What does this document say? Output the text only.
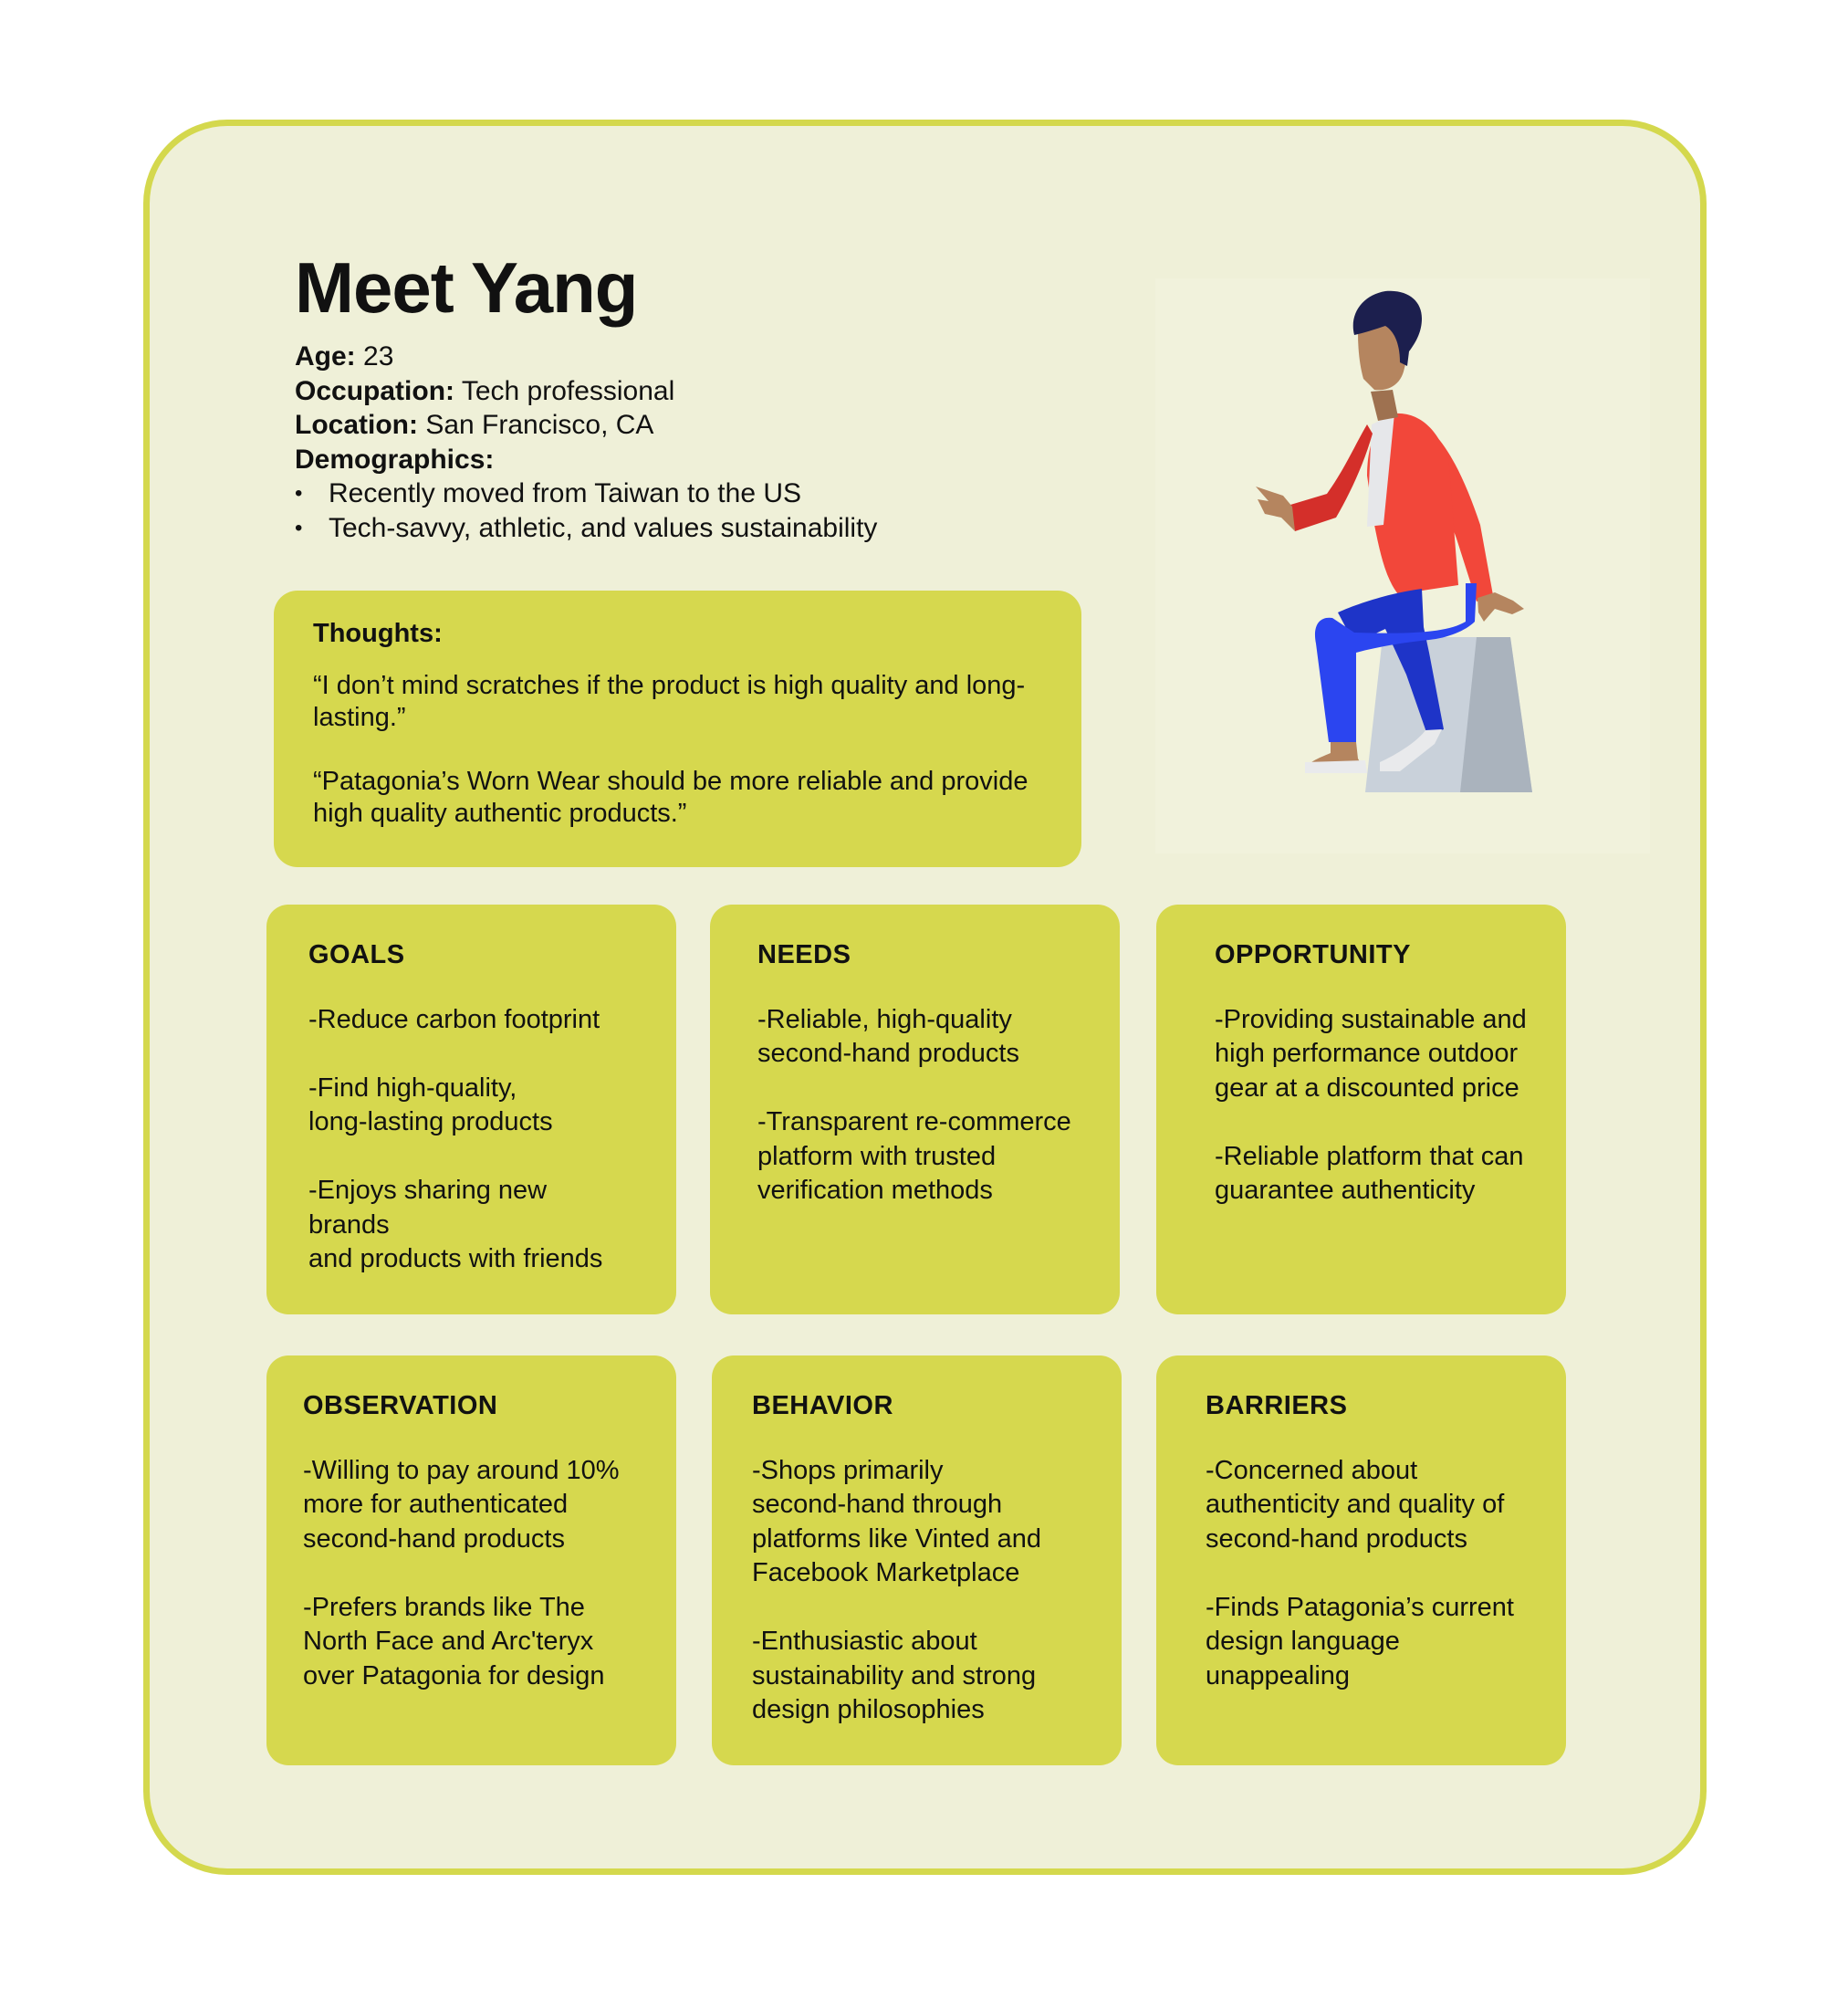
Meet Yang
Age: 23
Occupation: Tech professional
Location: San Francisco, CA
Demographics:
• Recently moved from Taiwan to the US
• Tech-savvy, athletic, and values sustainability
Thoughts:

“I don’t mind scratches if the product is high quality and long-lasting.”

“Patagonia’s Worn Wear should be more reliable and provide high quality authentic products.”

GOALS

-Reduce carbon footprint

-Find high-quality,
long-lasting products

-Enjoys sharing new brands
and products with friends

NEEDS

-Reliable, high-quality
second-hand products

-Transparent re-commerce
platform with trusted
verification methods

OPPORTUNITY

-Providing sustainable and
high performance outdoor
gear at a discounted price

-Reliable platform that can
guarantee authenticity

OBSERVATION

-Willing to pay around 10%
more for authenticated
second-hand products

-Prefers brands like The
North Face and Arc'teryx
over Patagonia for design

BEHAVIOR

-Shops primarily
second-hand through
platforms like Vinted and
Facebook Marketplace

-Enthusiastic about
sustainability and strong
design philosophies

BARRIERS

-Concerned about
authenticity and quality of
second-hand products

-Finds Patagonia’s current
design language
unappealing
